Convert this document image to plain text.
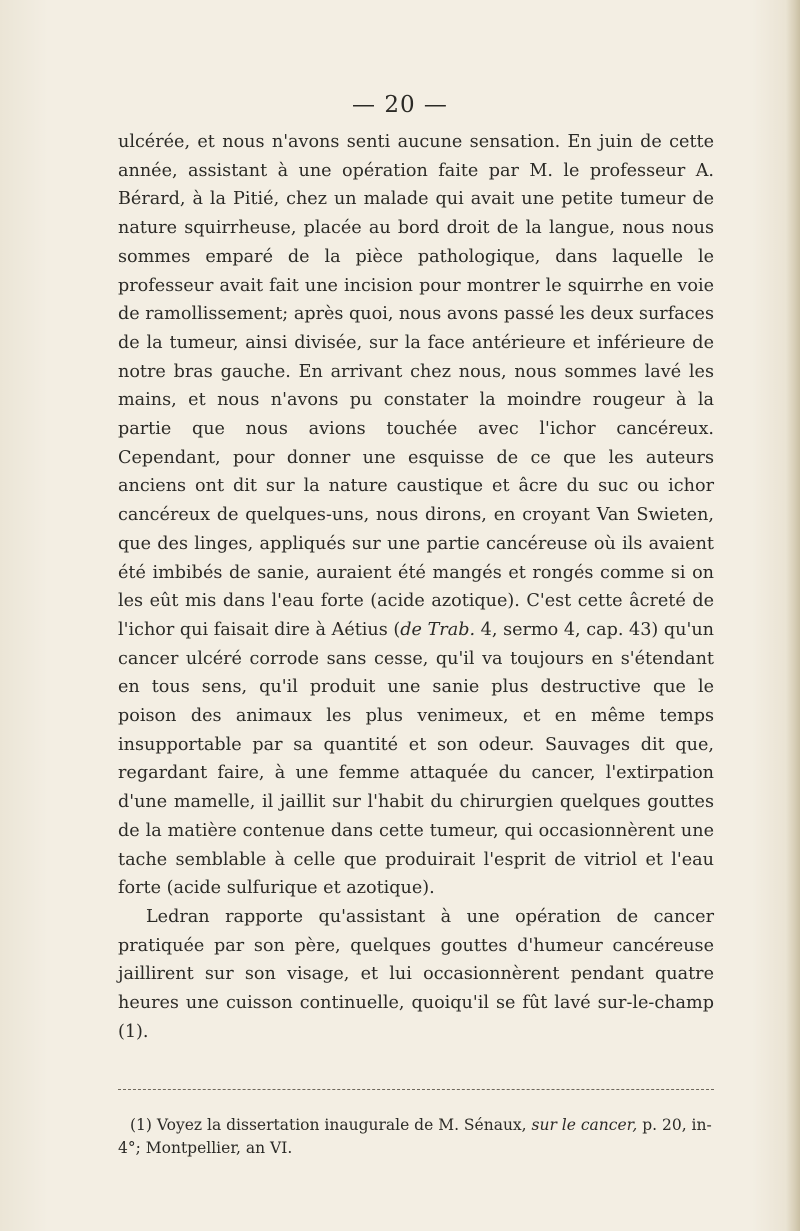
— 20 —

ulcérée, et nous n'avons senti aucune sensation. En juin de cette année, assistant à une opération faite par M. le professeur A. Bérard, à la Pitié, chez un malade qui avait une petite tumeur de nature squirrheuse, placée au bord droit de la langue, nous nous sommes emparé de la pièce pathologique, dans laquelle le professeur avait fait une incision pour montrer le squirrhe en voie de ramollissement; après quoi, nous avons passé les deux surfaces de la tumeur, ainsi divisée, sur la face antérieure et inférieure de notre bras gauche. En arrivant chez nous, nous sommes lavé les mains, et nous n'avons pu constater la moindre rougeur à la partie que nous avions touchée avec l'ichor cancéreux. Cependant, pour donner une esquisse de ce que les auteurs anciens ont dit sur la nature caustique et âcre du suc ou ichor cancéreux de quelques-uns, nous dirons, en croyant Van Swieten, que des linges, appliqués sur une partie cancéreuse où ils avaient été imbibés de sanie, auraient été mangés et rongés comme si on les eût mis dans l'eau forte (acide azotique). C'est cette âcreté de l'ichor qui faisait dire à Aétius (de Trab. 4, sermo 4, cap. 43) qu'un cancer ulcéré corrode sans cesse, qu'il va toujours en s'étendant en tous sens, qu'il produit une sanie plus destructive que le poison des animaux les plus venimeux, et en même temps insupportable par sa quantité et son odeur. Sauvages dit que, regardant faire, à une femme attaquée du cancer, l'extirpation d'une mamelle, il jaillit sur l'habit du chirurgien quelques gouttes de la matière contenue dans cette tumeur, qui occasionnèrent une tache semblable à celle que produirait l'esprit de vitriol et l'eau forte (acide sulfurique et azotique).

Ledran rapporte qu'assistant à une opération de cancer pratiquée par son père, quelques gouttes d'humeur cancéreuse jaillirent sur son visage, et lui occasionnèrent pendant quatre heures une cuisson continuelle, quoiqu'il se fût lavé sur-le-champ (1).

(1) Voyez la dissertation inaugurale de M. Sénaux, sur le cancer, p. 20, in-4°; Montpellier, an VI.
